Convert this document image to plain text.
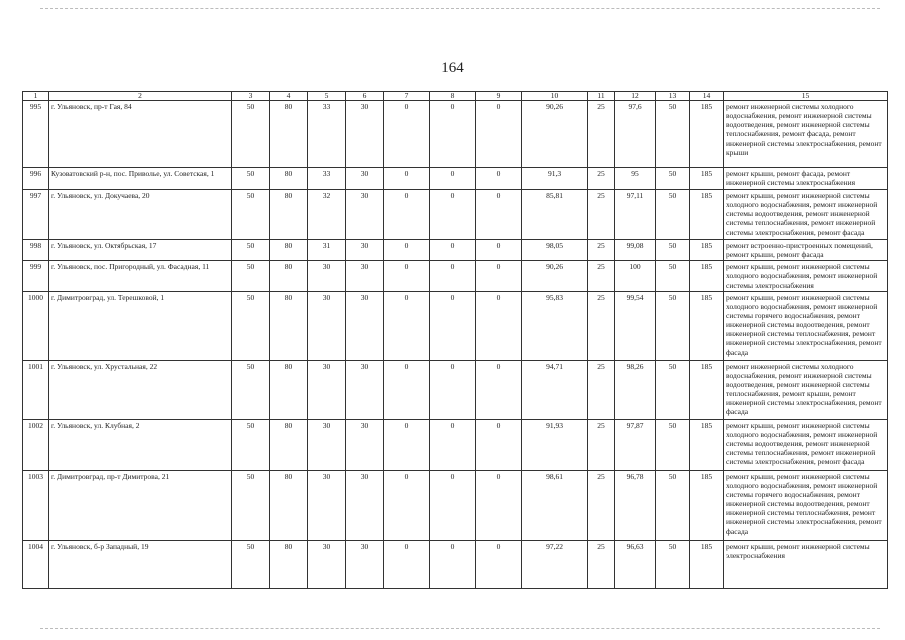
164
1	2	3	4	5	6	7	8	9	10	11	12	13	14	15
995	г. Ульяновск, пр-т Гая, 84	50	80	33	30	0	0	0	90,26	25	97,6	50	185	ремонт инженерной системы холодного водоснабжения, ремонт инженерной системы водоотведения, ремонт инженерной системы теплоснабжения, ремонт фасада, ремонт инженерной системы электроснабжения, ремонт крыши
996	Кузоватовский р-н, пос. Приволье, ул. Советская, 1	50	80	33	30	0	0	0	91,3	25	95	50	185	ремонт крыши, ремонт фасада, ремонт инженерной системы электроснабжения
997	г. Ульяновск, ул. Докучаева, 20	50	80	32	30	0	0	0	85,81	25	97,11	50	185	ремонт крыши, ремонт инженерной системы холодного водоснабжения, ремонт инженерной системы водоотведения, ремонт инженерной системы теплоснабжения, ремонт инженерной системы электроснабжения, ремонт фасада
998	г. Ульяновск, ул. Октябрьская, 17	50	80	31	30	0	0	0	98,05	25	99,08	50	185	ремонт встроенно-пристроенных помещений, ремонт крыши, ремонт фасада
999	г. Ульяновск, пос. Пригородный, ул. Фасадная, 11	50	80	30	30	0	0	0	90,26	25	100	50	185	ремонт крыши, ремонт инженерной системы холодного водоснабжения, ремонт инженерной системы электроснабжения
1000	г. Димитровград, ул. Терешковой, 1	50	80	30	30	0	0	0	95,83	25	99,54	50	185	ремонт крыши, ремонт инженерной системы холодного водоснабжения, ремонт инженерной системы горячего водоснабжения, ремонт инженерной системы водоотведения, ремонт инженерной системы теплоснабжения, ремонт инженерной системы электроснабжения, ремонт фасада
1001	г. Ульяновск, ул. Хрустальная, 22	50	80	30	30	0	0	0	94,71	25	98,26	50	185	ремонт инженерной системы холодного водоснабжения, ремонт инженерной системы водоотведения, ремонт инженерной системы теплоснабжения, ремонт крыши, ремонт инженерной системы электроснабжения, ремонт фасада
1002	г. Ульяновск, ул. Клубная, 2	50	80	30	30	0	0	0	91,93	25	97,87	50	185	ремонт крыши, ремонт инженерной системы холодного водоснабжения, ремонт инженерной системы водоотведения, ремонт инженерной системы теплоснабжения, ремонт инженерной системы электроснабжения, ремонт фасада
1003	г. Димитровград, пр-т Димитрова, 21	50	80	30	30	0	0	0	98,61	25	96,78	50	185	ремонт крыши, ремонт инженерной системы холодного водоснабжения, ремонт инженерной системы горячего водоснабжения, ремонт инженерной системы водоотведения, ремонт инженерной системы теплоснабжения, ремонт инженерной системы электроснабжения, ремонт фасада
1004	г. Ульяновск, б-р Западный, 19	50	80	30	30	0	0	0	97,22	25	96,63	50	185	ремонт крыши, ремонт инженерной системы электроснабжения
